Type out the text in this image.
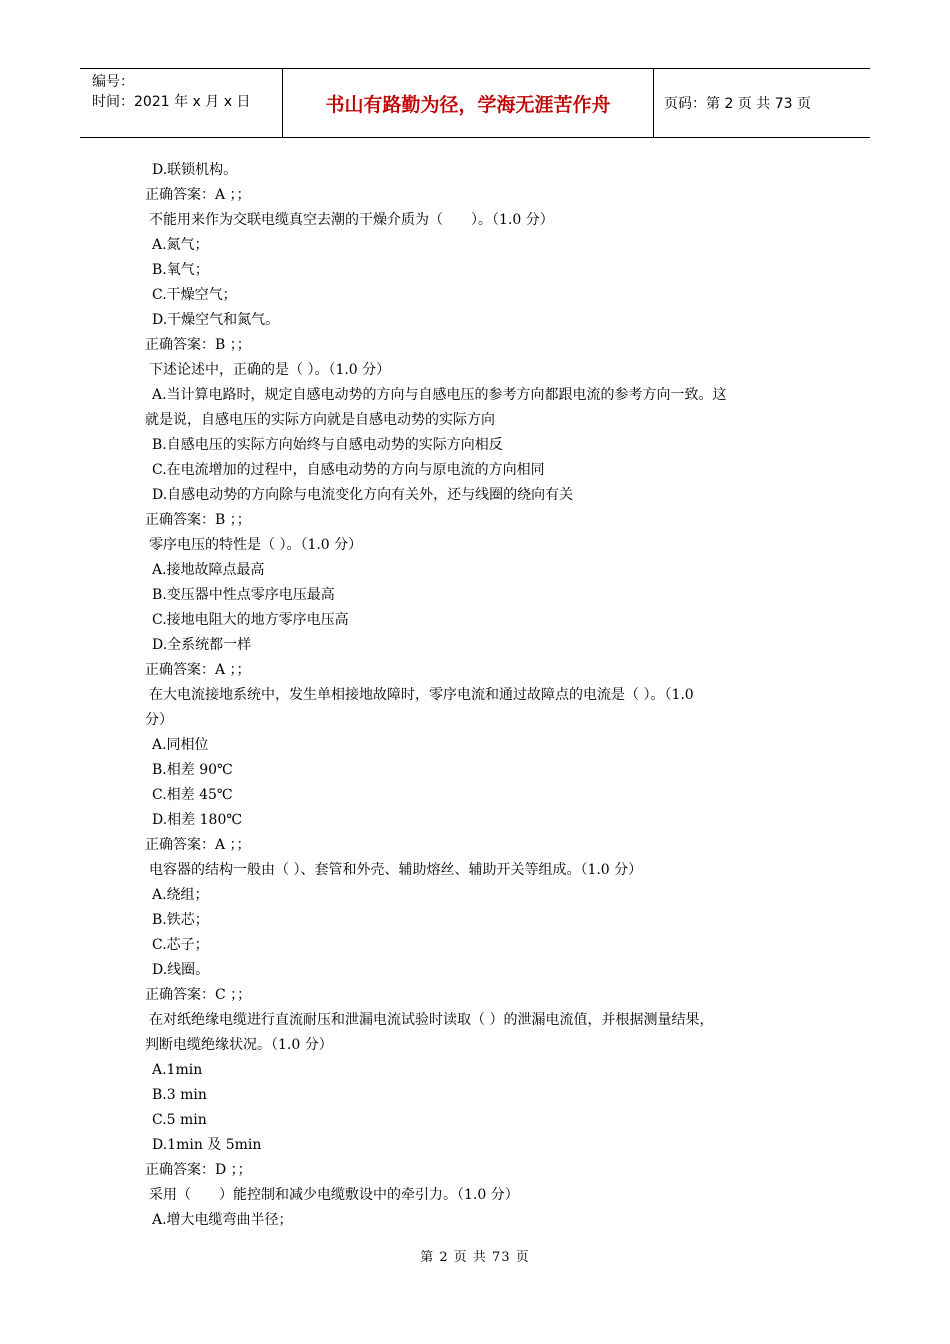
编号：
时间：2021 年 x 月 x 日	书山有路勤为径，学海无涯苦作舟	页码：第 2 页 共 73 页
D.联锁机构。
正确答案：A ；；
不能用来作为交联电缆真空去潮的干燥介质为（　　）。（1.0 分）
A.氮气；
B.氧气；
C.干燥空气；
D.干燥空气和氮气。
正确答案：B ；；
下述论述中，正确的是（ ）。（1.0 分）
A.当计算电路时，规定自感电动势的方向与自感电压的参考方向都跟电流的参考方向一致。这
就是说，自感电压的实际方向就是自感电动势的实际方向
B.自感电压的实际方向始终与自感电动势的实际方向相反
C.在电流增加的过程中，自感电动势的方向与原电流的方向相同
D.自感电动势的方向除与电流变化方向有关外，还与线圈的绕向有关
正确答案：B ；；
零序电压的特性是（ ）。（1.0 分）
A.接地故障点最高
B.变压器中性点零序电压最高
C.接地电阻大的地方零序电压高
D.全系统都一样
正确答案：A ；；
在大电流接地系统中，发生单相接地故障时，零序电流和通过故障点的电流是（ ）。（1.0
分）
A.同相位
B.相差 90℃
C.相差 45℃
D.相差 180℃
正确答案：A ；；
电容器的结构一般由（ ）、套管和外壳、辅助熔丝、辅助开关等组成。（1.0 分）
A.绕组；
B.铁芯；
C.芯子；
D.线圈。
正确答案：C ；；
在对纸绝缘电缆进行直流耐压和泄漏电流试验时读取（ ）的泄漏电流值，并根据测量结果，
判断电缆绝缘状况。（1.0 分）
A.1min
B.3 min
C.5 min
D.1min 及 5min
正确答案：D ；；
采用（　　）能控制和减少电缆敷设中的牵引力。（1.0 分）
A.增大电缆弯曲半径；
第 2 页 共 73 页
